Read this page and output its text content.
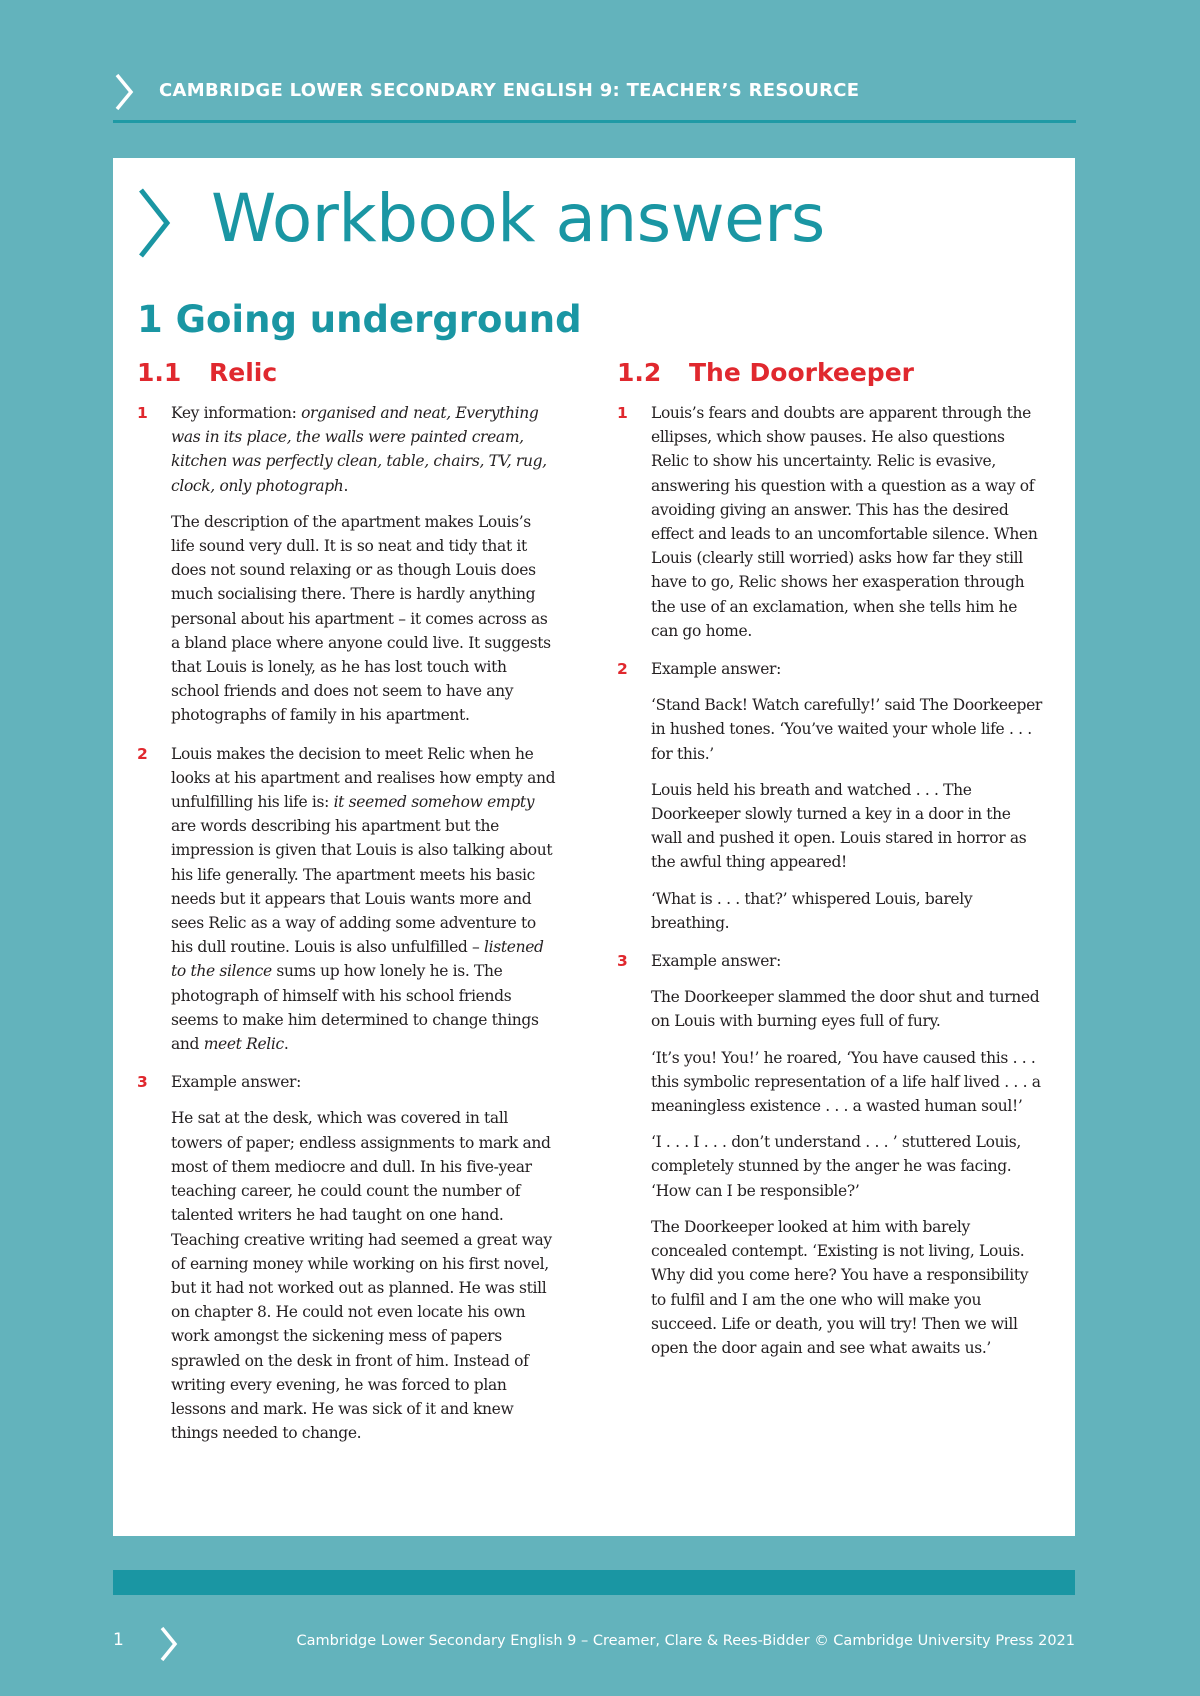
CAMBRIDGE LOWER SECONDARY ENGLISH 9: TEACHER’S RESOURCE
Workbook answers
1 Going underground
1.1 Relic
1 Key information: organised and neat, Everything was in its place, the walls were painted cream, kitchen was perfectly clean, table, chairs, TV, rug, clock, only photograph.

The description of the apartment makes Louis’s life sound very dull. It is so neat and tidy that it does not sound relaxing or as though Louis does much socialising there. There is hardly anything personal about his apartment – it comes across as a bland place where anyone could live. It suggests that Louis is lonely, as he has lost touch with school friends and does not seem to have any photographs of family in his apartment.

2 Louis makes the decision to meet Relic when he looks at his apartment and realises how empty and unfulfilling his life is: it seemed somehow empty are words describing his apartment but the impression is given that Louis is also talking about his life generally. The apartment meets his basic needs but it appears that Louis wants more and sees Relic as a way of adding some adventure to his dull routine. Louis is also unfulfilled – listened to the silence sums up how lonely he is. The photograph of himself with his school friends seems to make him determined to change things and meet Relic.

3 Example answer:

He sat at the desk, which was covered in tall towers of paper; endless assignments to mark and most of them mediocre and dull. In his five-year teaching career, he could count the number of talented writers he had taught on one hand. Teaching creative writing had seemed a great way of earning money while working on his first novel, but it had not worked out as planned. He was still on chapter 8. He could not even locate his own work amongst the sickening mess of papers sprawled on the desk in front of him. Instead of writing every evening, he was forced to plan lessons and mark. He was sick of it and knew things needed to change.

1.2 The Doorkeeper
1 Louis’s fears and doubts are apparent through the ellipses, which show pauses. He also questions Relic to show his uncertainty. Relic is evasive, answering his question with a question as a way of avoiding giving an answer. This has the desired effect and leads to an uncomfortable silence. When Louis (clearly still worried) asks how far they still have to go, Relic shows her exasperation through the use of an exclamation, when she tells him he can go home.

2 Example answer:

‘Stand Back! Watch carefully!’ said The Doorkeeper in hushed tones. ‘You’ve waited your whole life . . . for this.’

Louis held his breath and watched . . . The Doorkeeper slowly turned a key in a door in the wall and pushed it open. Louis stared in horror as the awful thing appeared!

‘What is . . . that?’ whispered Louis, barely breathing.

3 Example answer:

The Doorkeeper slammed the door shut and turned on Louis with burning eyes full of fury.

‘It’s you! You!’ he roared, ‘You have caused this . . . this symbolic representation of a life half lived . . . a meaningless existence . . . a wasted human soul!’

‘I . . . I . . . don’t understand . . . ’ stuttered Louis, completely stunned by the anger he was facing. ‘How can I be responsible?’

The Doorkeeper looked at him with barely concealed contempt. ‘Existing is not living, Louis. Why did you come here? You have a responsibility to fulfil and I am the one who will make you succeed. Life or death, you will try! Then we will open the door again and see what awaits us.’

1	Cambridge Lower Secondary English 9 – Creamer, Clare & Rees-Bidder © Cambridge University Press 2021
